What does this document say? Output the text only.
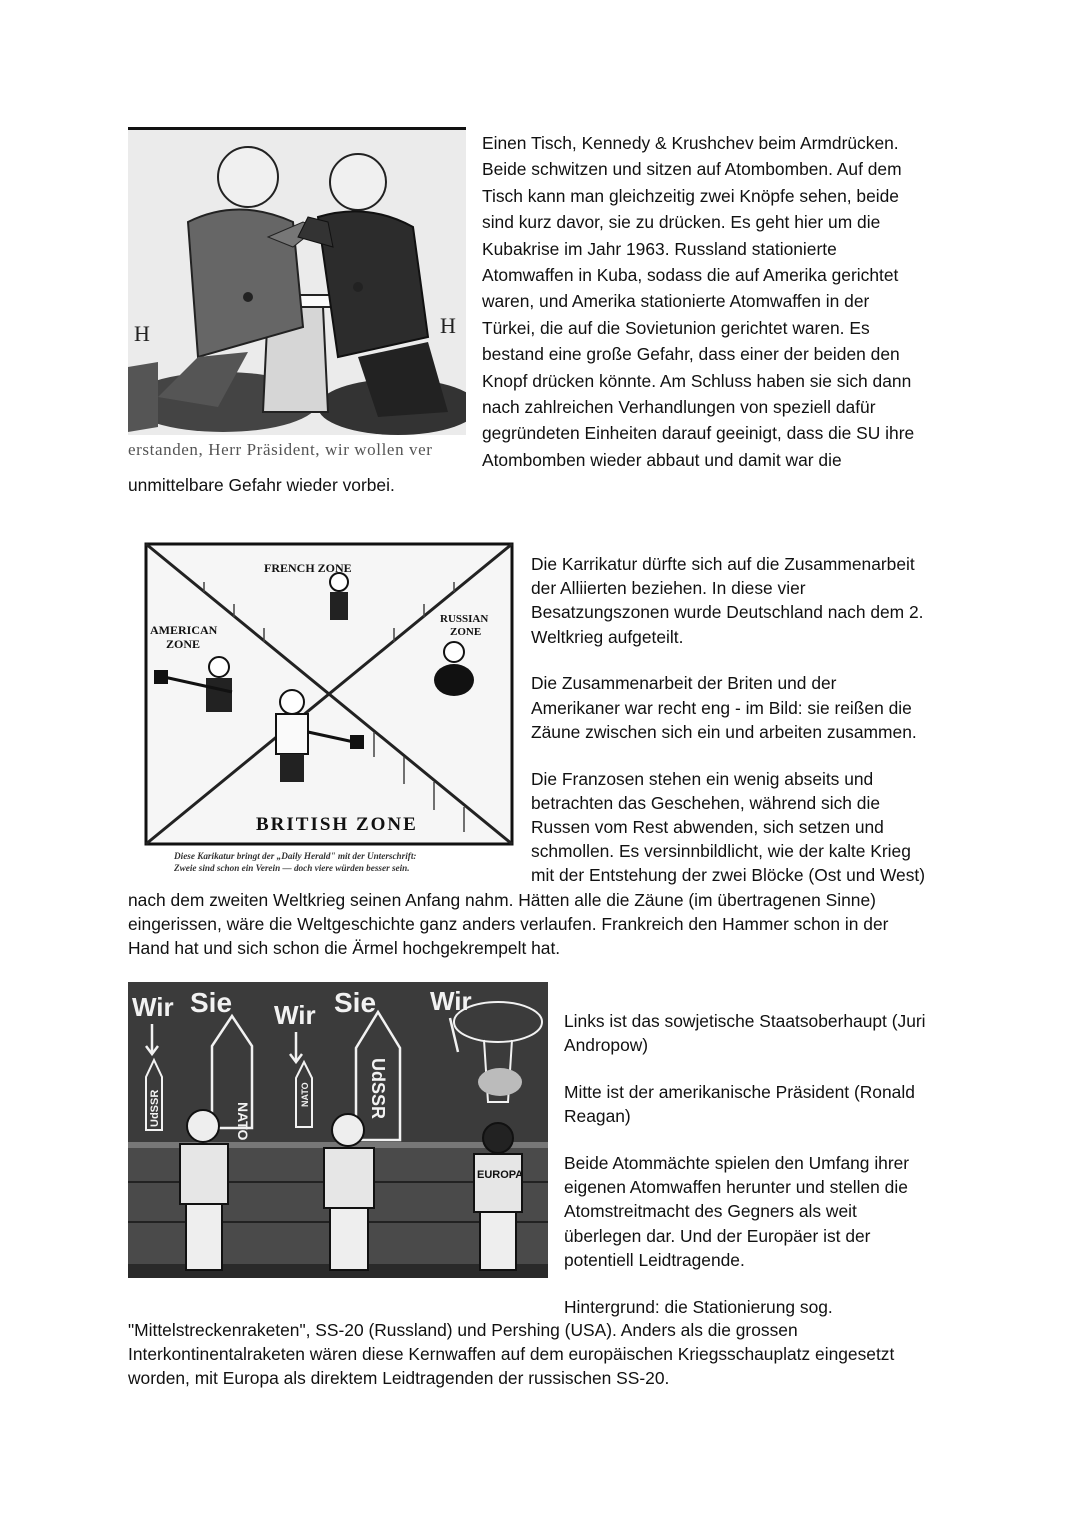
H	H
erstanden, Herr Präsident, wir wollen ver
Einen Tisch, Kennedy & Krushchev beim Armdrücken.
Beide schwitzen und sitzen auf Atombomben. Auf dem
Tisch kann man gleichzeitig zwei Knöpfe sehen, beide
sind kurz davor, sie zu drücken. Es geht hier um die
Kubakrise im Jahr 1963. Russland stationierte
Atomwaffen in Kuba, sodass die auf Amerika gerichtet
waren, und Amerika stationierte Atomwaffen in der
Türkei, die auf die Sovietunion gerichtet waren. Es
bestand eine große Gefahr, dass einer der beiden den
Knopf drücken könnte. Am Schluss haben sie sich dann
nach zahlreichen Verhandlungen von speziell dafür
gegründeten Einheiten darauf geeinigt, dass die SU ihre
Atombomben wieder abbaut und damit war die
unmittelbare Gefahr wieder vorbei.
FRENCH ZONE
AMERICAN
ZONE
RUSSIAN
ZONE
BRITISH ZONE
Diese Karikatur bringt der „Daily Herald" mit der Unterschrift:
Zweie sind schon ein Verein — doch viere würden besser sein.
Die Karrikatur dürfte sich auf die Zusammenarbeit
der Alliierten beziehen. In diese vier
Besatzungszonen wurde Deutschland nach dem 2.
Weltkrieg aufgeteilt.
Die Zusammenarbeit der Briten und der
Amerikaner war recht eng - im Bild: sie reißen die
Zäune zwischen sich ein und arbeiten zusammen.
Die Franzosen stehen ein wenig abseits und
betrachten das Geschehen, während sich die
Russen vom Rest abwenden, sich setzen und
schmollen. Es versinnbildlicht, wie der kalte Krieg
mit der Entstehung der zwei Blöcke (Ost und West)
nach dem zweiten Weltkrieg seinen Anfang nahm. Hätten alle die Zäune (im übertragenen Sinne)
eingerissen, wäre die Weltgeschichte ganz anders verlaufen. Frankreich den Hammer schon in der
Hand hat und sich schon die Ärmel hochgekrempelt hat.
Wir Sie Wir Sie Wir
UdSSR	NATO
NATO	UdSSR
EUROPA
Links ist das sowjetische Staatsoberhaupt (Juri
Andropow)
Mitte ist der amerikanische Präsident (Ronald
Reagan)
Beide Atommächte spielen den Umfang ihrer
eigenen Atomwaffen herunter und stellen die
Atomstreitmacht des Gegners als weit
überlegen dar. Und der Europäer ist der
potentiell Leidtragende.
Hintergrund: die Stationierung sog.
"Mittelstreckenraketen", SS-20 (Russland) und Pershing (USA). Anders als die grossen
Interkontinentalraketen wären diese Kernwaffen auf dem europäischen Kriegsschauplatz eingesetzt
worden, mit Europa als direktem Leidtragenden der russischen SS-20.
